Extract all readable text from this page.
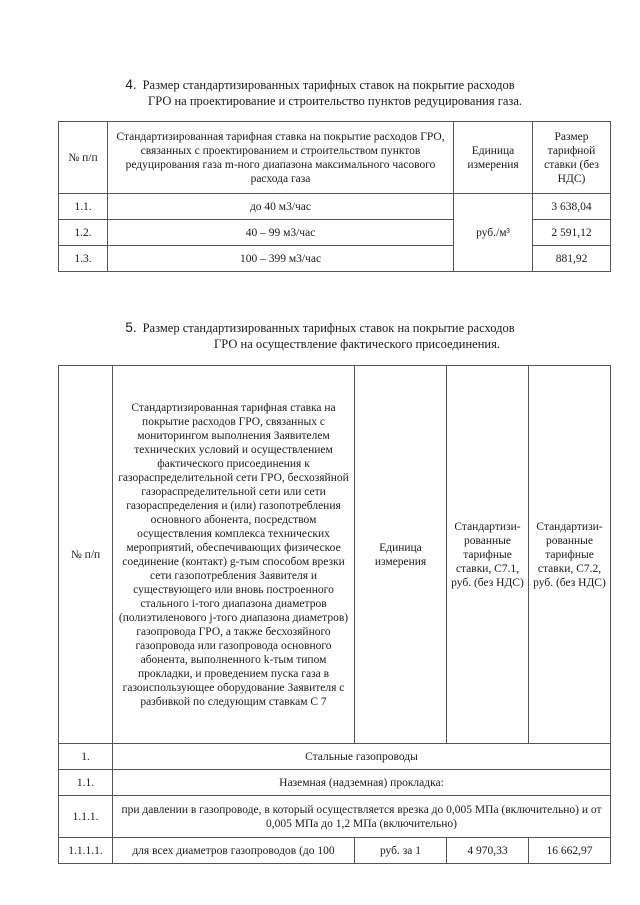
4. Размер стандартизированных тарифных ставок на покрытие расходов
ГРО на проектирование и строительство пунктов редуцирования газа.
№ п/п	Стандартизированная тарифная ставка на покрытие расходов ГРО, связанных с проектированием и строительством пунктов редуцирования газа m-ного диапазона максимального часового расхода газа	Единица измерения	Размер тарифной ставки (без НДС)
1.1.	до 40 м3/час	руб./м³	3 638,04
1.2.	40 – 99 м3/час		2 591,12
1.3.	100 – 399 м3/час		881,92
5. Размер стандартизированных тарифных ставок на покрытие расходов
ГРО на осуществление фактического присоединения.
№ п/п	Стандартизированная тарифная ставка на покрытие расходов ГРО, связанных с мониторингом выполнения Заявителем технических условий и осуществлением фактического присоединения к газораспределительной сети ГРО, бесхозяйной газораспределительной сети или сети газораспределения и (или) газопотребления основного абонента, посредством осуществления комплекса технических мероприятий, обеспечивающих физическое соединение (контакт) g-тым способом врезки сети газопотребления Заявителя и существующего или вновь построенного стального i-того диапазона диаметров (полиэтиленового j-того диапазона диаметров) газопровода ГРО, а также бесхозяйного газопровода или газопровода основного абонента, выполненного k-тым типом прокладки, и проведением пуска газа в газоиспользующее оборудование Заявителя с разбивкой по следующим ставкам С 7	Единица измерения	Стандартизи-рованные тарифные ставки, С7.1, руб. (без НДС)	Стандартизи-рованные тарифные ставки, С7.2, руб. (без НДС)
1.	Стальные газопроводы			
1.1.	Наземная (надземная) прокладка:			
1.1.1.	при давлении в газопроводе, в который осуществляется врезка до 0,005 МПа (включительно) и от 0,005 МПа до 1,2 МПа (включительно)			
1.1.1.1.	для всех диаметров газопроводов (до 100	руб. за 1	4 970,33	16 662,97
